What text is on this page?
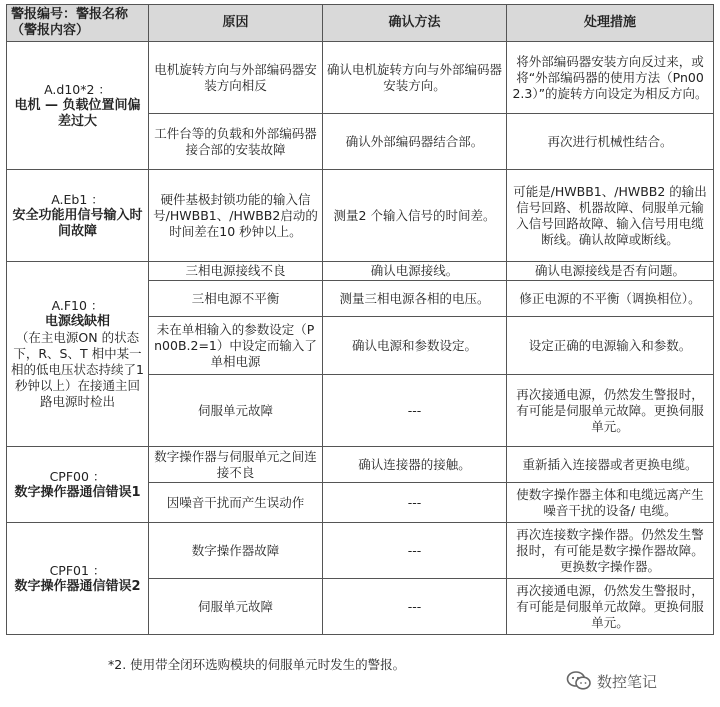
警报编号：警报名称（警报内容）	原因	确认方法	处理措施

A.d10*2 ：
电机 — 负载位置间偏差过大	电机旋转方向与外部编码器安装方向相反	确认电机旋转方向与外部编码器安装方向。	将外部编码器安装方向反过来，或将“外部编码器的使用方法（Pn002.3）”的旋转方向设定为相反方向。
	工件台等的负载和外部编码器接合部的安装故障	确认外部编码器结合部。	再次进行机械性结合。

A.Eb1 ：
安全功能用信号输入时间故障	硬件基极封锁功能的输入信号/HWBB1、/HWBB2启动的时间差在10 秒钟以上。	测量2 个输入信号的时间差。	可能是/HWBB1、/HWBB2 的输出信号回路、机器故障、伺服单元输入信号回路故障、输入信号用电缆断线。确认故障或断线。

A.F10 ：
电源线缺相
（在主电源ON 的状态下，R、S、T 相中某一相的低电压状态持续了1 秒钟以上）在接通主回路电源时检出	三相电源接线不良	确认电源接线。	确认电源接线是否有问题。
	三相电源不平衡	测量三相电源各相的电压。	修正电源的不平衡（调换相位）。
	未在单相输入的参数设定（Pn00B.2=1）中设定而输入了单相电源	确认电源和参数设定。	设定正确的电源输入和参数。
	伺服单元故障	---	再次接通电源，仍然发生警报时，有可能是伺服单元故障。更换伺服单元。

CPF00 ：
数字操作器通信错误1	数字操作器与伺服单元之间连接不良	确认连接器的接触。	重新插入连接器或者更换电缆。
	因噪音干扰而产生误动作	---	使数字操作器主体和电缆远离产生噪音干扰的设备/ 电缆。

CPF01 ：
数字操作器通信错误2	数字操作器故障	---	再次连接数字操作器。仍然发生警报时，有可能是数字操作器故障。更换数字操作器。
	伺服单元故障	---	再次接通电源，仍然发生警报时，有可能是伺服单元故障。更换伺服单元。
*2. 使用带全闭环选购模块的伺服单元时发生的警报。
数控笔记
